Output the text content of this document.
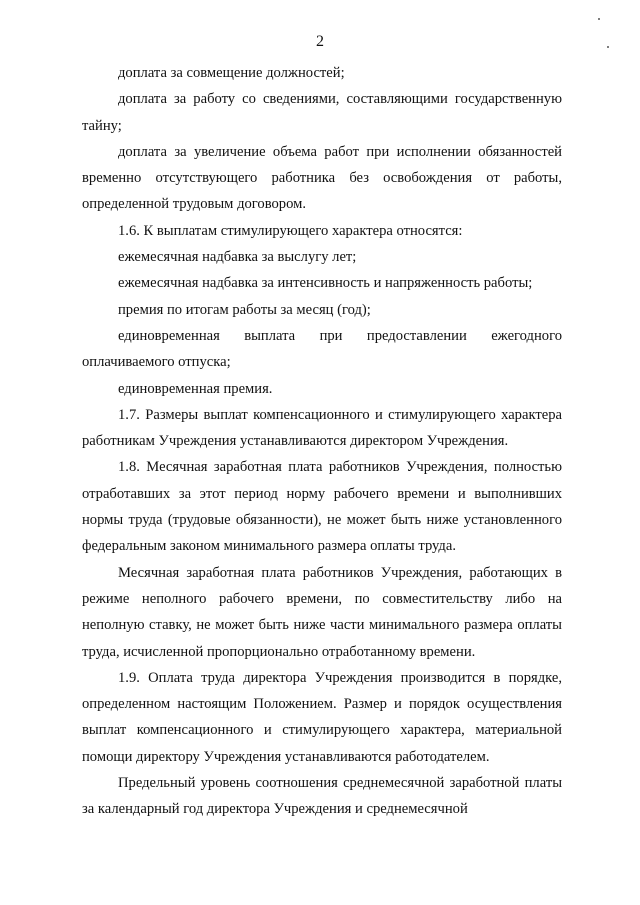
2

доплата за совмещение должностей;

доплата за работу со сведениями, составляющими государственную тайну;

доплата за увеличение объема работ при исполнении обязанностей временно отсутствующего работника без освобождения от работы, определенной трудовым договором.

1.6. К выплатам стимулирующего характера относятся:

ежемесячная надбавка за выслугу лет;

ежемесячная надбавка за интенсивность и напряженность работы;

премия по итогам работы за месяц (год);

единовременная выплата при предоставлении ежегодного оплачиваемого отпуска;

единовременная премия.

1.7. Размеры выплат компенсационного и стимулирующего характера работникам Учреждения устанавливаются директором Учреждения.

1.8. Месячная заработная плата работников Учреждения, полностью отработавших за этот период норму рабочего времени и выполнивших нормы труда (трудовые обязанности), не может быть ниже установленного федеральным законом минимального размера оплаты труда.

Месячная заработная плата работников Учреждения, работающих в режиме неполного рабочего времени, по совместительству либо на неполную ставку, не может быть ниже части минимального размера оплаты труда, исчисленной пропорционально отработанному времени.

1.9. Оплата труда директора Учреждения производится в порядке, определенном настоящим Положением. Размер и порядок осуществления выплат компенсационного и стимулирующего характера, материальной помощи директору Учреждения устанавливаются работодателем.

Предельный уровень соотношения среднемесячной заработной платы за календарный год директора Учреждения и среднемесячной
